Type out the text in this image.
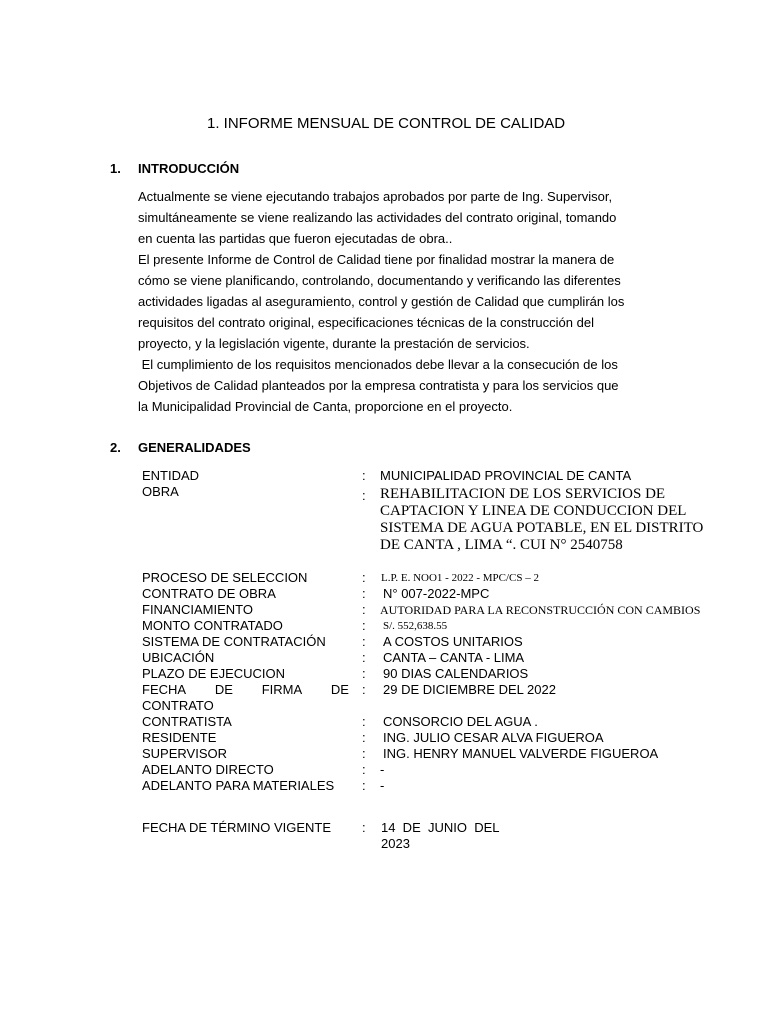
1. INFORME MENSUAL DE CONTROL DE CALIDAD
1. INTRODUCCIÓN

Actualmente se viene ejecutando trabajos aprobados por parte de Ing. Supervisor,

simultáneamente se viene realizando las actividades del contrato original, tomando

en cuenta las partidas que fueron ejecutadas de obra..

El presente Informe de Control de Calidad tiene por finalidad mostrar la manera de

cómo se viene planificando, controlando, documentando y verificando las diferentes

actividades ligadas al aseguramiento, control y gestión de Calidad que cumplirán los

requisitos del contrato original, especificaciones técnicas de la construcción del

proyecto, y la legislación vigente, durante la prestación de servicios.

El cumplimiento de los requisitos mencionados debe llevar a la consecución de los

Objetivos de Calidad planteados por la empresa contratista y para los servicios que

la Municipalidad Provincial de Canta, proporcione en el proyecto.

2. GENERALIDADES
ENTIDAD	: MUNICIPALIDAD PROVINCIAL DE CANTA
OBRA	: REHABILITACION DE LOS SERVICIOS DE
CAPTACION Y LINEA DE CONDUCCION DEL
SISTEMA DE AGUA POTABLE, EN EL DISTRITO
DE CANTA , LIMA “. CUI N° 2540758
PROCESO DE SELECCION	: L.P. E. NOO1 - 2022 - MPC/CS – 2
CONTRATO DE OBRA	: N° 007-2022-MPC
FINANCIAMIENTO	: AUTORIDAD PARA LA RECONSTRUCCIÓN CON CAMBIOS
MONTO CONTRATADO	: S/. 552,638.55
SISTEMA DE CONTRATACIÓN	: A COSTOS UNITARIOS
UBICACIÓN	: CANTA – CANTA - LIMA
PLAZO DE EJECUCION	: 90 DIAS CALENDARIOS
FECHA DE FIRMA DE
CONTRATO
: 29 DE DICIEMBRE DEL 2022
CONTRATISTA	: CONSORCIO DEL AGUA .
RESIDENTE	: ING. JULIO CESAR ALVA FIGUEROA
SUPERVISOR	: ING. HENRY MANUEL VALVERDE FIGUEROA
ADELANTO DIRECTO	: -
ADELANTO PARA MATERIALES : -
FECHA DE TÉRMINO VIGENTE : 14  DE  JUNIO  DEL
2023
